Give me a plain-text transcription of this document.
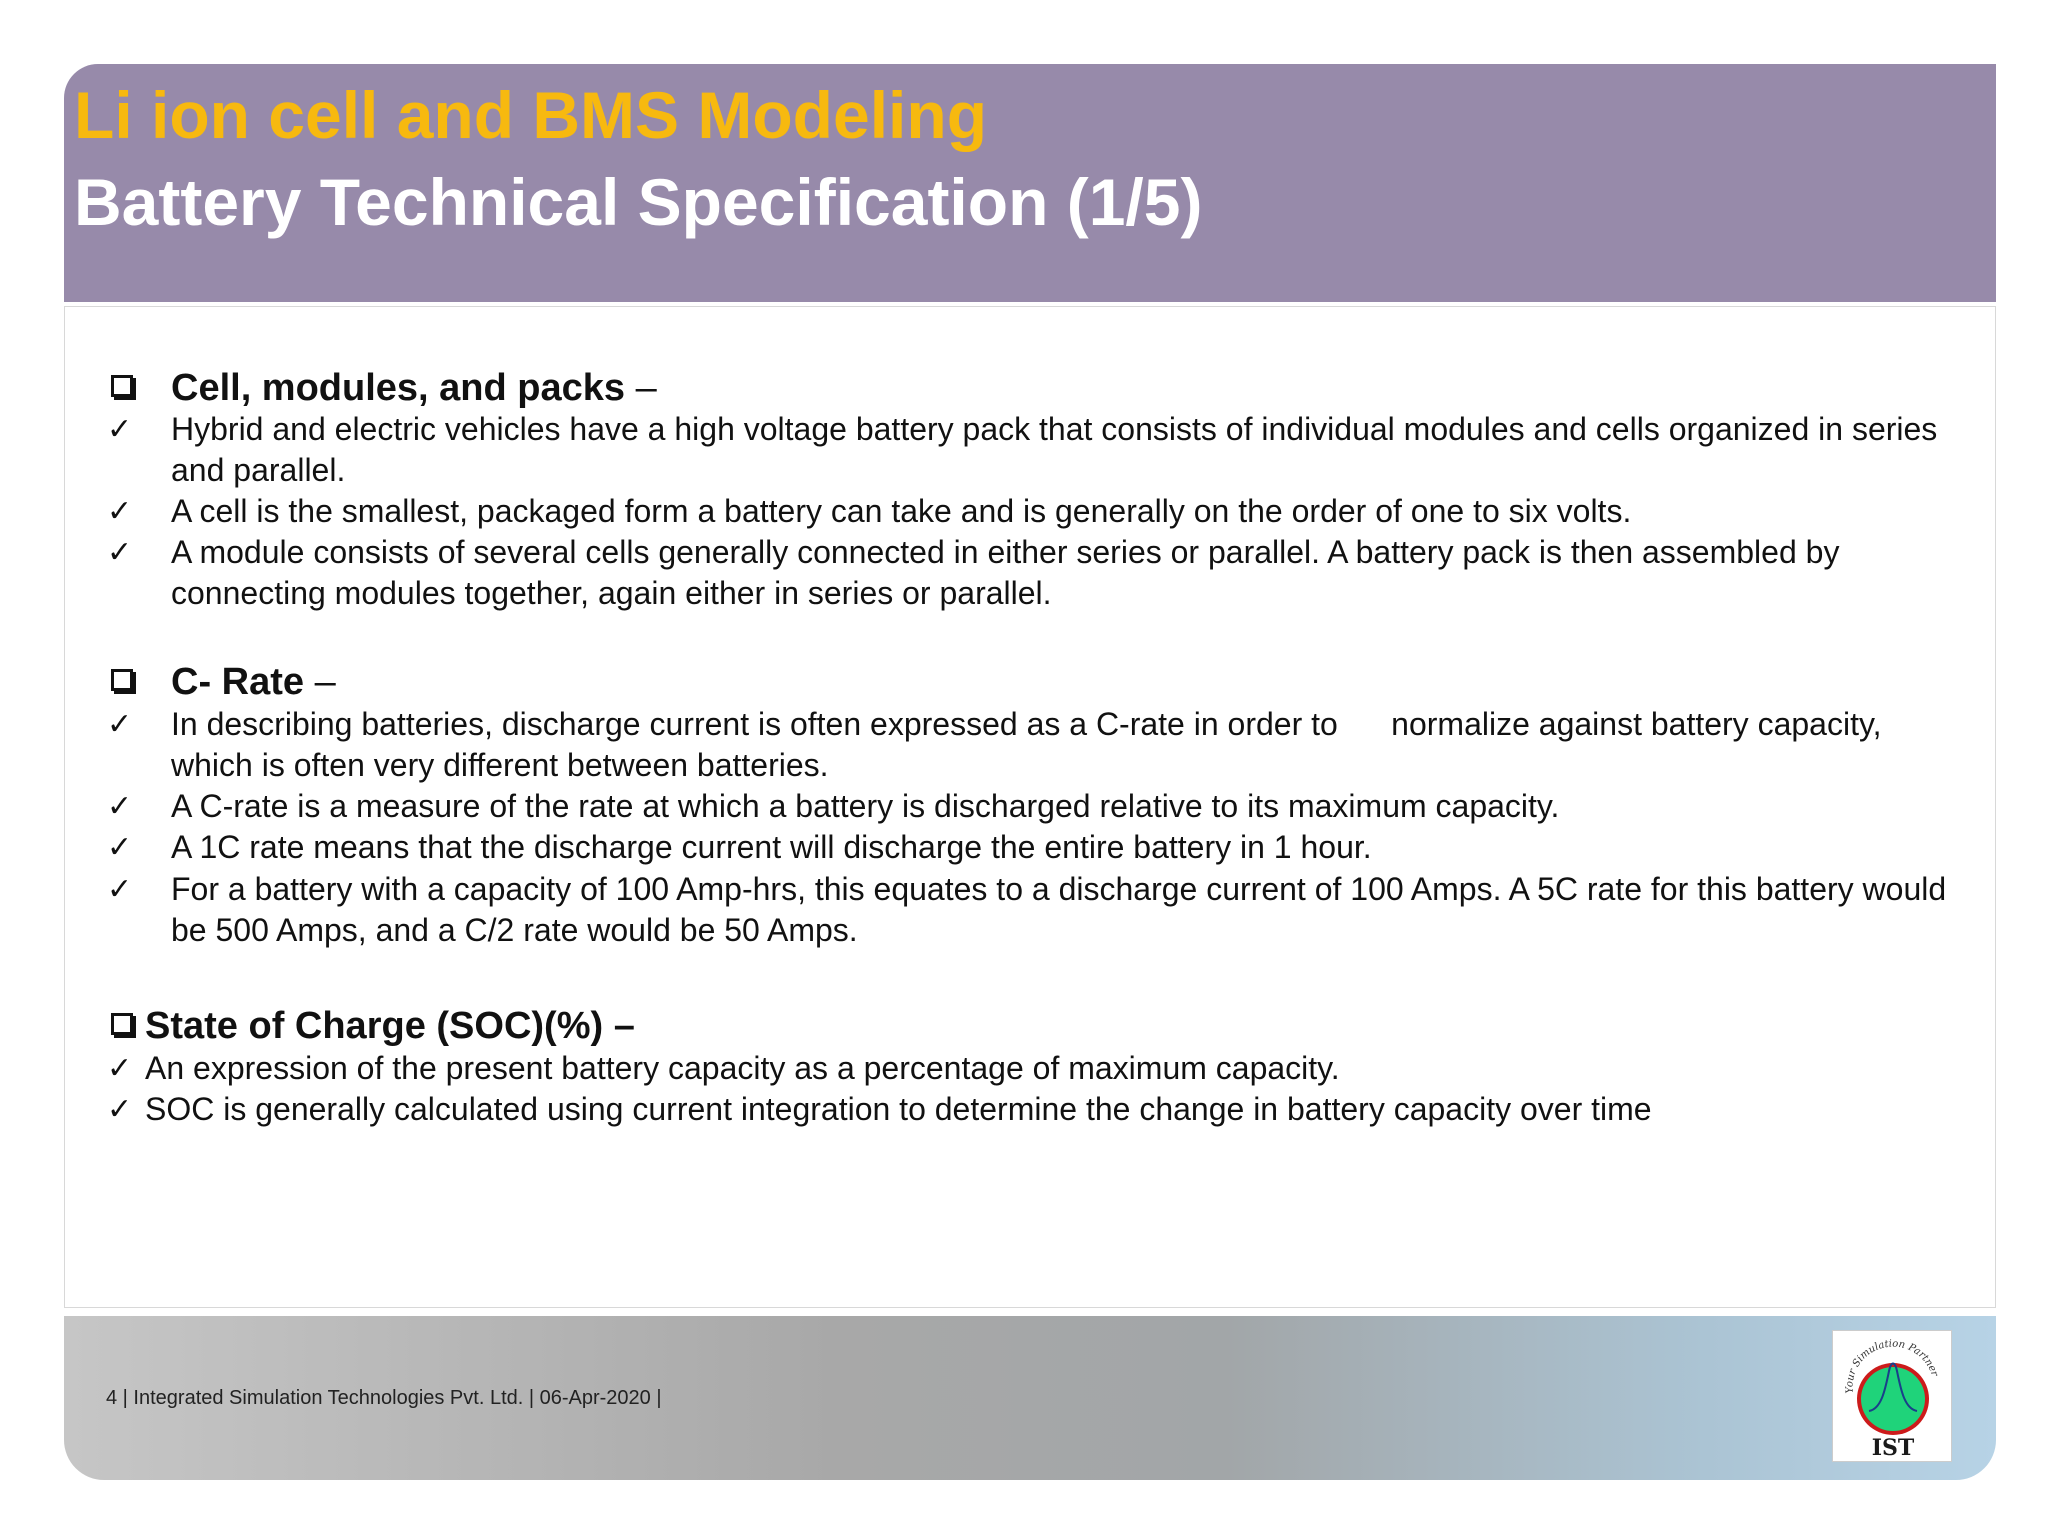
Li ion cell and BMS Modeling
Battery Technical Specification (1/5)
Cell, modules, and packs –
✓ Hybrid and electric vehicles have a high voltage battery pack that consists of individual modules and cells organized in series and parallel.
✓ A cell is the smallest, packaged form a battery can take and is generally on the order of one to six volts.
✓ A module consists of several cells generally connected in either series or parallel. A battery pack is then assembled by connecting modules together, again either in series or parallel.
C- Rate –
✓ In describing batteries, discharge current is often expressed as a C-rate in order to      normalize against battery capacity, which is often very different between batteries.
✓ A C-rate is a measure of the rate at which a battery is discharged relative to its maximum capacity.
✓ A 1C rate means that the discharge current will discharge the entire battery in 1 hour.
✓ For a battery with a capacity of 100 Amp-hrs, this equates to a discharge current of 100 Amps. A 5C rate for this battery would be 500 Amps, and a C/2 rate would be 50 Amps.
State of Charge (SOC)(%) –
✓ An expression of the present battery capacity as a percentage of maximum capacity.
✓ SOC is generally calculated using current integration to determine the change in battery capacity over time
4 | Integrated Simulation Technologies Pvt. Ltd. | 06-Apr-2020 |	Your Simulation Partner
IST
